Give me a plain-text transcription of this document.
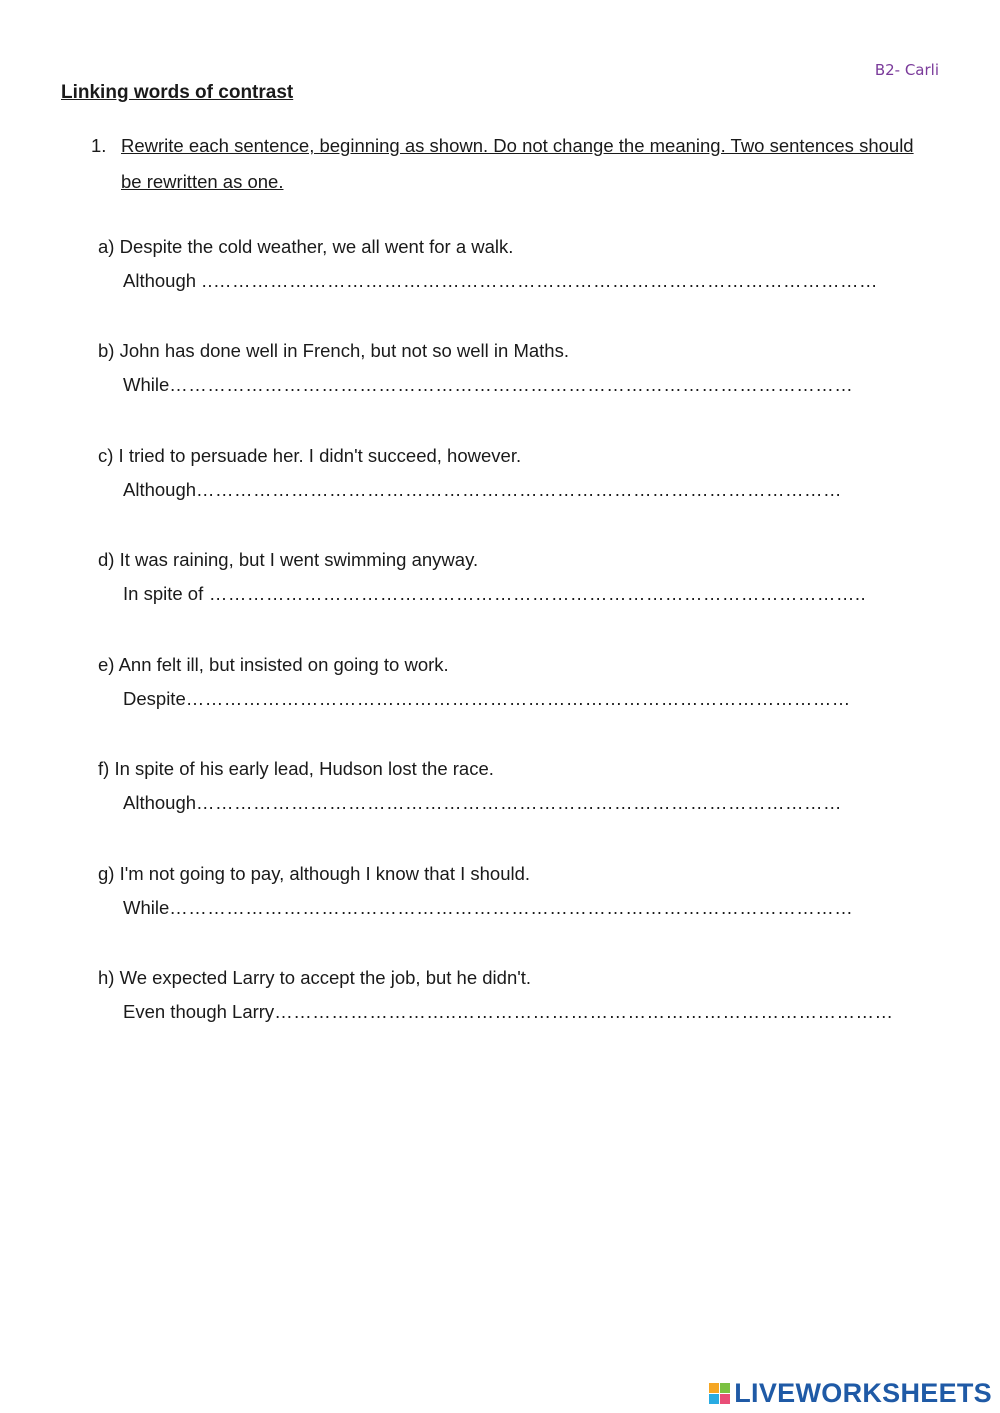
B2- Carli
Linking words of contrast
1. Rewrite each sentence, beginning as shown. Do not change the meaning. Two sentences should be rewritten as one.
a) Despite the cold weather, we all went for a walk.
Although ..……………………………………………………………………………………………
b) John has done well in French, but not so well in Maths.
While………………………………………………………………………………………………
c) I tried to persuade her. I didn't succeed, however.
Although…………………………………………………………………………………………
d) It was raining, but I went swimming anyway.
In spite of …………………………………………………………………………………………..
e) Ann felt ill, but insisted on going to work.
Despite……………………………………………………………………………………………
f) In spite of his early lead, Hudson lost the race.
Although…………………………………………………………………………………………
g) I'm not going to pay, although I know that I should.
While………………………………………………………………………………………………
h) We expected Larry to accept the job, but he didn't.
Even though Larry………………………..……………………………………………………………
LIVEWORKSHEETS
